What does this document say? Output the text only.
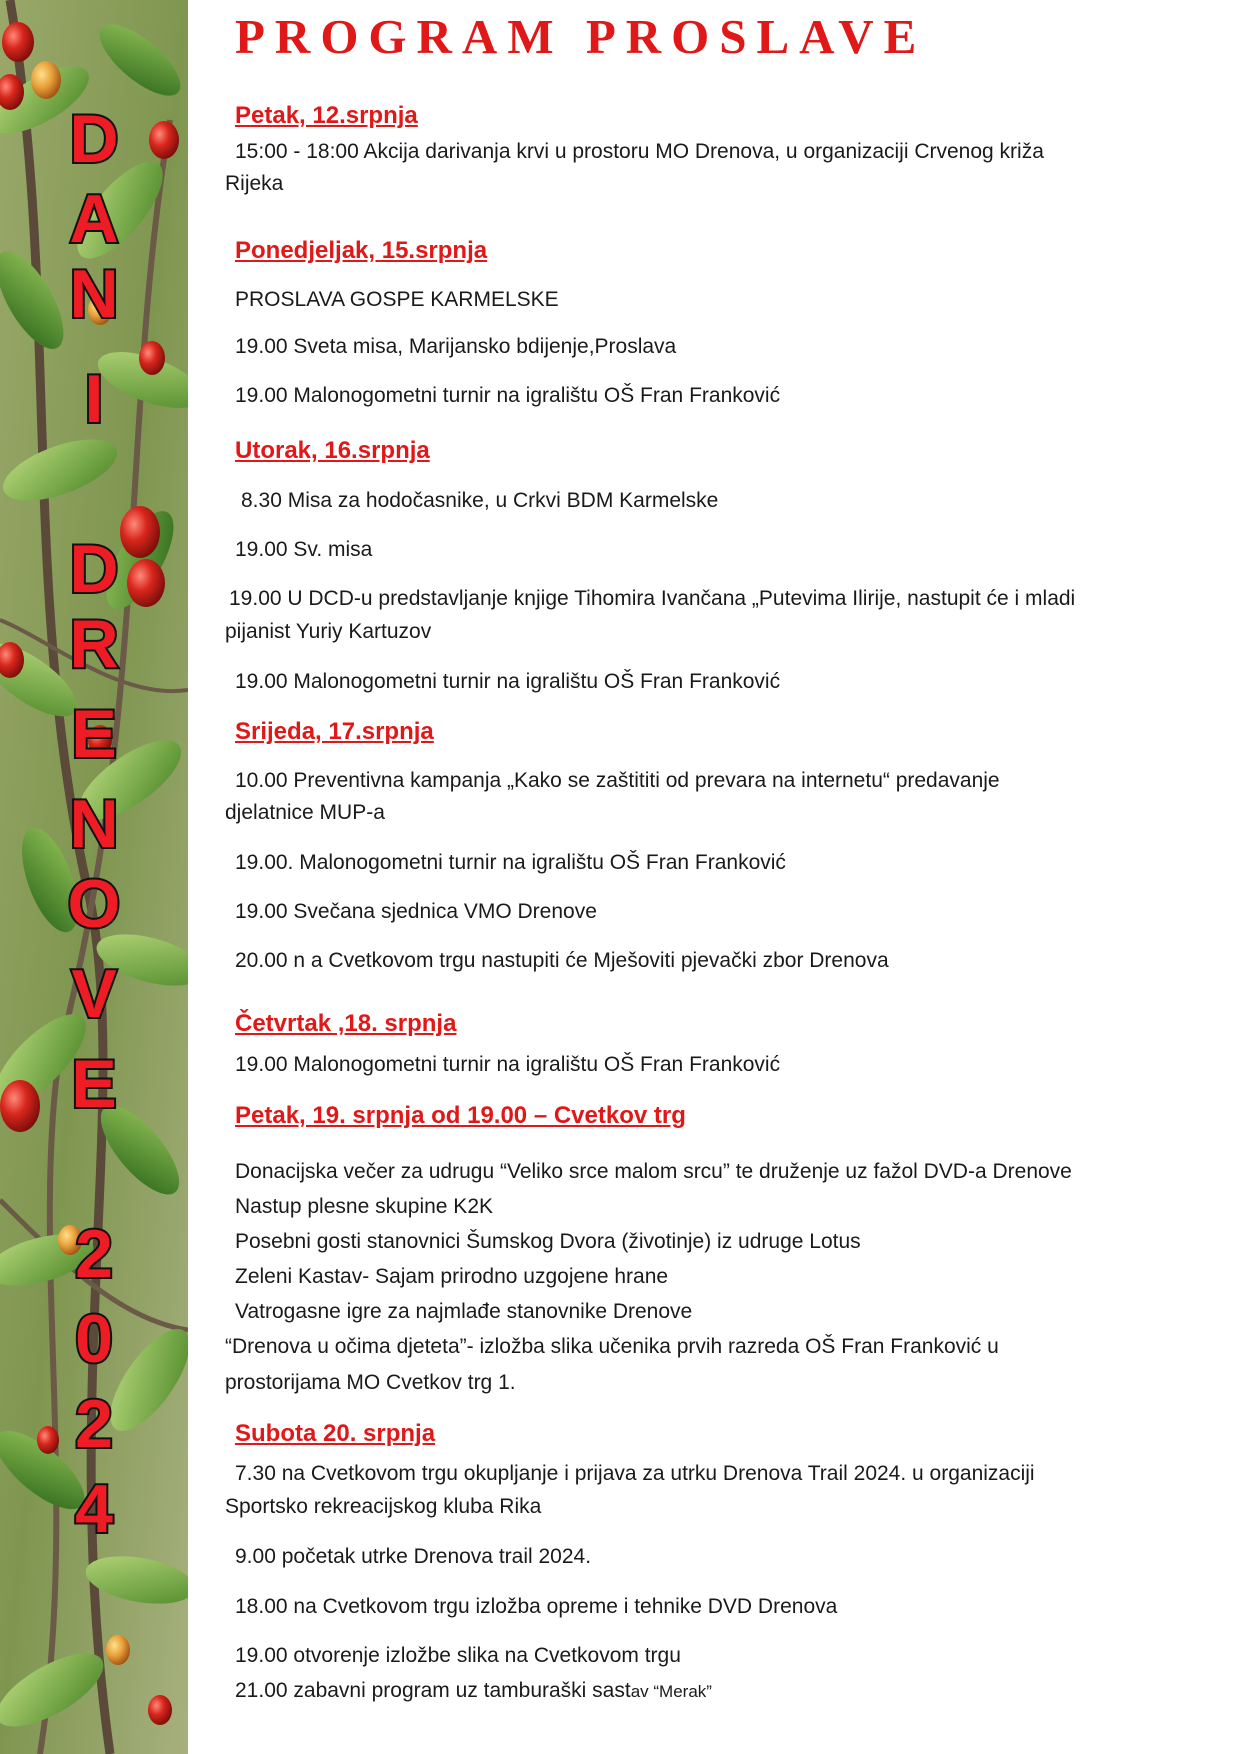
D
A
N
I
D
R
E
N
O
V
E
2
0
2
4
PROGRAM PROSLAVE
Petak, 12.srpnja
15:00 - 18:00 Akcija darivanja krvi u prostoru MO Drenova, u organizaciji Crvenog križa
Rijeka
Ponedjeljak, 15.srpnja
PROSLAVA GOSPE KARMELSKE
19.00 Sveta misa, Marijansko bdijenje,Proslava
19.00 Malonogometni turnir na igralištu OŠ Fran Franković
Utorak, 16.srpnja
8.30 Misa za hodočasnike, u Crkvi BDM Karmelske
19.00 Sv. misa
19.00 U DCD-u predstavljanje knjige Tihomira Ivančana „Putevima Ilirije, nastupit će i mladi
pijanist Yuriy Kartuzov
19.00 Malonogometni turnir na igralištu OŠ Fran Franković
Srijeda, 17.srpnja
10.00 Preventivna kampanja „Kako se zaštititi od prevara na internetu“ predavanje
djelatnice MUP-a
19.00. Malonogometni turnir na igralištu OŠ Fran Franković
19.00 Svečana sjednica VMO Drenove
20.00 n a Cvetkovom trgu nastupiti će Mješoviti pjevački zbor Drenova
Četvrtak ,18. srpnja
19.00 Malonogometni turnir na igralištu OŠ Fran Franković
Petak, 19. srpnja od 19.00 – Cvetkov trg
Donacijska večer za udrugu “Veliko srce malom srcu” te druženje uz fažol DVD-a Drenove
Nastup plesne skupine K2K
Posebni gosti stanovnici Šumskog Dvora (životinje) iz udruge Lotus
Zeleni Kastav- Sajam prirodno uzgojene hrane
Vatrogasne igre za najmlađe stanovnike Drenove
“Drenova u očima djeteta”- izložba slika učenika prvih razreda OŠ Fran Franković u
prostorijama MO Cvetkov trg 1.
Subota 20. srpnja
7.30 na Cvetkovom trgu okupljanje i prijava za utrku Drenova Trail 2024. u organizaciji
Sportsko rekreacijskog kluba Rika
9.00 početak utrke Drenova trail 2024.
18.00 na Cvetkovom trgu izložba opreme i tehnike DVD Drenova
19.00 otvorenje izložbe slika na Cvetkovom trgu
21.00 zabavni program uz tamburaški sastav “Merak”
